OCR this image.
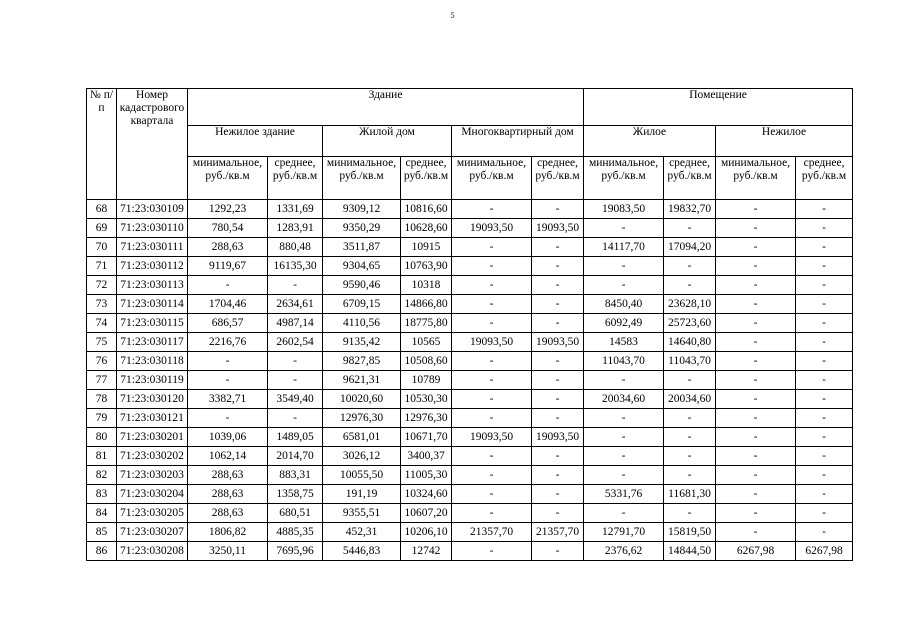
5
№ п/п	Номер кадастрового квартала	Здание						Помещение			
		Нежилое здание		Жилой дом		Многоквартирный дом		Жилое		Нежилое	
		минимальное, руб./кв.м	среднее, руб./кв.м	минимальное, руб./кв.м	среднее, руб./кв.м	минимальное, руб./кв.м	среднее, руб./кв.м	минимальное, руб./кв.м	среднее, руб./кв.м	минимальное, руб./кв.м	среднее, руб./кв.м
68	71:23:030109	1292,23	1331,69	9309,12	10816,60	-	-	19083,50	19832,70	-	-
69	71:23:030110	780,54	1283,91	9350,29	10628,60	19093,50	19093,50	-	-	-	-
70	71:23:030111	288,63	880,48	3511,87	10915	-	-	14117,70	17094,20	-	-
71	71:23:030112	9119,67	16135,30	9304,65	10763,90	-	-	-	-	-	-
72	71:23:030113	-	-	9590,46	10318	-	-	-	-	-	-
73	71:23:030114	1704,46	2634,61	6709,15	14866,80	-	-	8450,40	23628,10	-	-
74	71:23:030115	686,57	4987,14	4110,56	18775,80	-	-	6092,49	25723,60	-	-
75	71:23:030117	2216,76	2602,54	9135,42	10565	19093,50	19093,50	14583	14640,80	-	-
76	71:23:030118	-	-	9827,85	10508,60	-	-	11043,70	11043,70	-	-
77	71:23:030119	-	-	9621,31	10789	-	-	-	-	-	-
78	71:23:030120	3382,71	3549,40	10020,60	10530,30	-	-	20034,60	20034,60	-	-
79	71:23:030121	-	-	12976,30	12976,30	-	-	-	-	-	-
80	71:23:030201	1039,06	1489,05	6581,01	10671,70	19093,50	19093,50	-	-	-	-
81	71:23:030202	1062,14	2014,70	3026,12	3400,37	-	-	-	-	-	-
82	71:23:030203	288,63	883,31	10055,50	11005,30	-	-	-	-	-	-
83	71:23:030204	288,63	1358,75	191,19	10324,60	-	-	5331,76	11681,30	-	-
84	71:23:030205	288,63	680,51	9355,51	10607,20	-	-	-	-	-	-
85	71:23:030207	1806,82	4885,35	452,31	10206,10	21357,70	21357,70	12791,70	15819,50	-	-
86	71:23:030208	3250,11	7695,96	5446,83	12742	-	-	2376,62	14844,50	6267,98	6267,98
